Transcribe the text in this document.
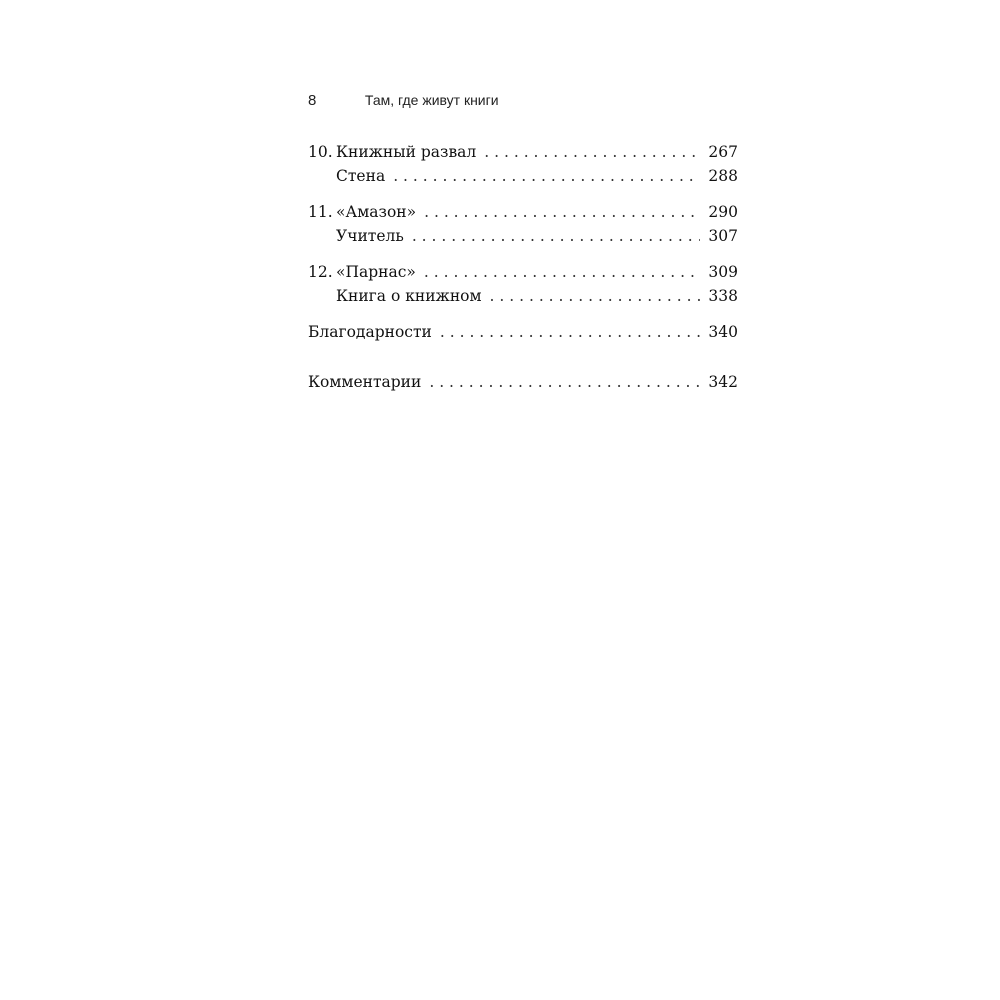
8	Там, где живут книги
10. Книжный развал . . .	267
Стена . . .	288
11. «Амазон» . . .	290
Учитель . . .	307
12. «Парнас» . . .	309
Книга о книжном . . .	338
Благодарности . . .	340
Комментарии . . .	342
